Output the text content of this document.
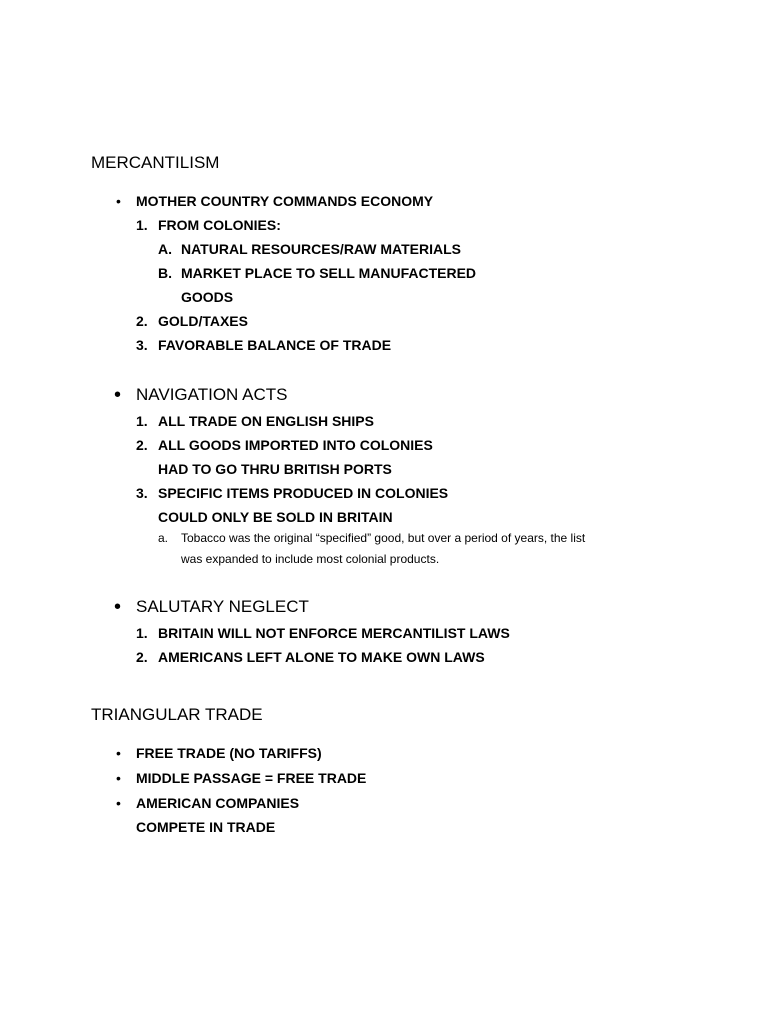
MERCANTILISM
• MOTHER COUNTRY COMMANDS ECONOMY
1. FROM COLONIES:
A. NATURAL RESOURCES/RAW MATERIALS
B. MARKET PLACE TO SELL MANUFACTERED
GOODS
2. GOLD/TAXES
3. FAVORABLE BALANCE OF TRADE
• NAVIGATION ACTS
1. ALL TRADE ON ENGLISH SHIPS
2. ALL GOODS IMPORTED INTO COLONIES
HAD TO GO THRU BRITISH PORTS
3. SPECIFIC ITEMS PRODUCED IN COLONIES
COULD ONLY BE SOLD IN BRITAIN
a. Tobacco was the original “specified” good, but over a period of years, the list
was expanded to include most colonial products.
• SALUTARY NEGLECT
1. BRITAIN WILL NOT ENFORCE MERCANTILIST LAWS
2. AMERICANS LEFT ALONE TO MAKE OWN LAWS
TRIANGULAR TRADE
• FREE TRADE (NO TARIFFS)
• MIDDLE PASSAGE = FREE TRADE
• AMERICAN COMPANIES
COMPETE IN TRADE
